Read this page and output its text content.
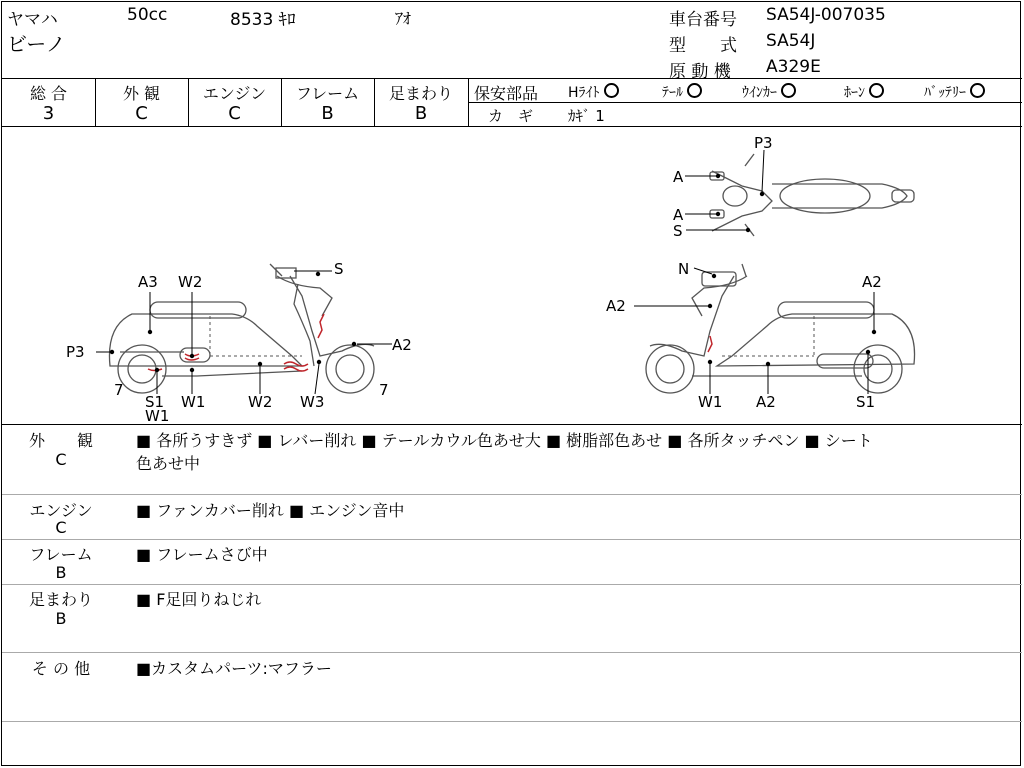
ヤマハ	50cc	8533 ｷﾛ	ｱｵ
ビーノ
車台番号 SA54J-007035
型　　式 SA54J
原 動 機 A329E
総 合
3
外 観
C
エンジン
C
フレーム
B
足まわり
B
保安部品 Hﾗｲﾄ	ﾃｰﾙ	ｳｲﾝｶｰ	ﾎｰﾝ	ﾊﾞｯﾃﾘｰ
カ　ギ ｶｷﾞ 1
A3 W2
S
P3	A2
7
S1
W1
W1	W2 W3
7
P3
A
A
S
N
A2
A2
W1 A2	S1
外　　観
C
■ 各所うすきず ■ レバー削れ ■ テールカウル色あせ大 ■ 樹脂部色あせ ■ 各所タッチペン ■ シート
色あせ中
エンジン
C
■ ファンカバー削れ ■ エンジン音中
フレーム
B
■ フレームさび中
足まわり
B
■ F足回りねじれ
そ の 他	■カスタムパーツ:マフラー
